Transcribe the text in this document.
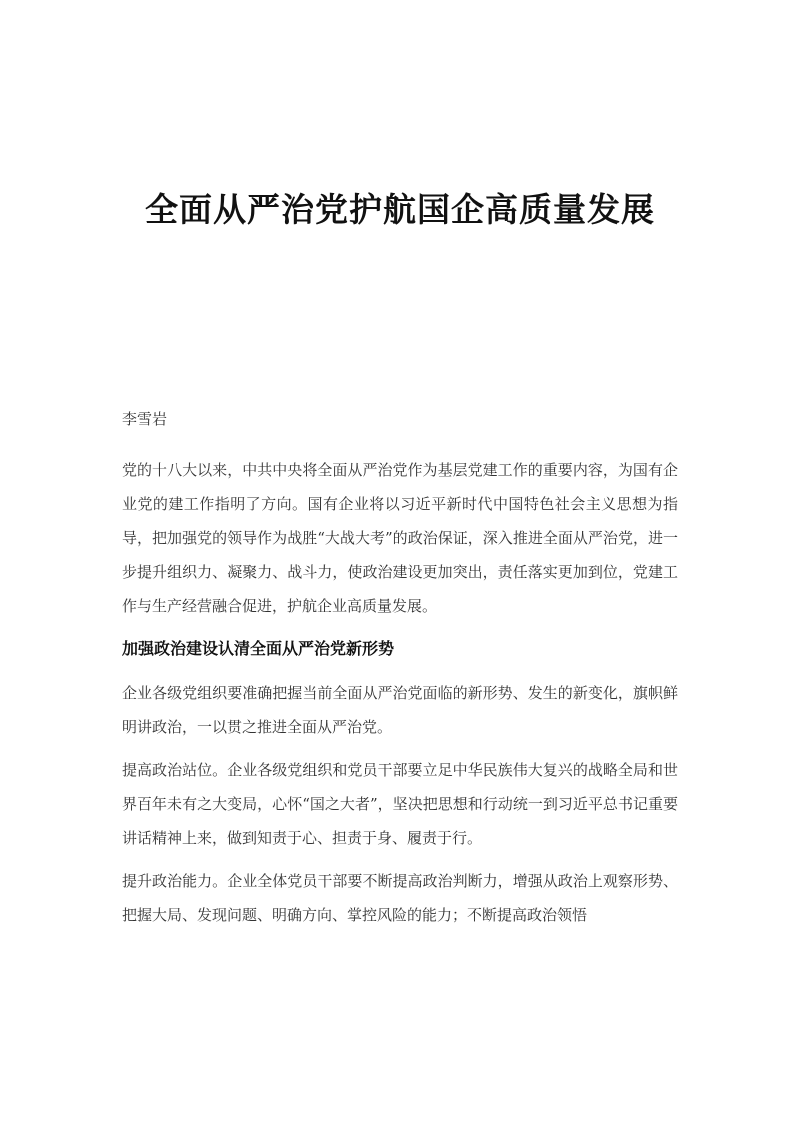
全面从严治党护航国企高质量发展

李雪岩

党的十八大以来，中共中央将全面从严治党作为基层党建工作的重要内容，为国有企业党的建工作指明了方向。国有企业将以习近平新时代中国特色社会主义思想为指导，把加强党的领导作为战胜“大战大考”的政治保证，深入推进全面从严治党，进一步提升组织力、凝聚力、战斗力，使政治建设更加突出，责任落实更加到位，党建工作与生产经营融合促进，护航企业高质量发展。

加强政治建设认清全面从严治党新形势

企业各级党组织要准确把握当前全面从严治党面临的新形势、发生的新变化，旗帜鲜明讲政治，一以贯之推进全面从严治党。

提高政治站位。企业各级党组织和党员干部要立足中华民族伟大复兴的战略全局和世界百年未有之大变局，心怀“国之大者”，坚决把思想和行动统一到习近平总书记重要讲话精神上来，做到知责于心、担责于身、履责于行。

提升政治能力。企业全体党员干部要不断提高政治判断力，增强从政治上观察形势、把握大局、发现问题、明确方向、掌控风险的能力；不断提高政治领悟
